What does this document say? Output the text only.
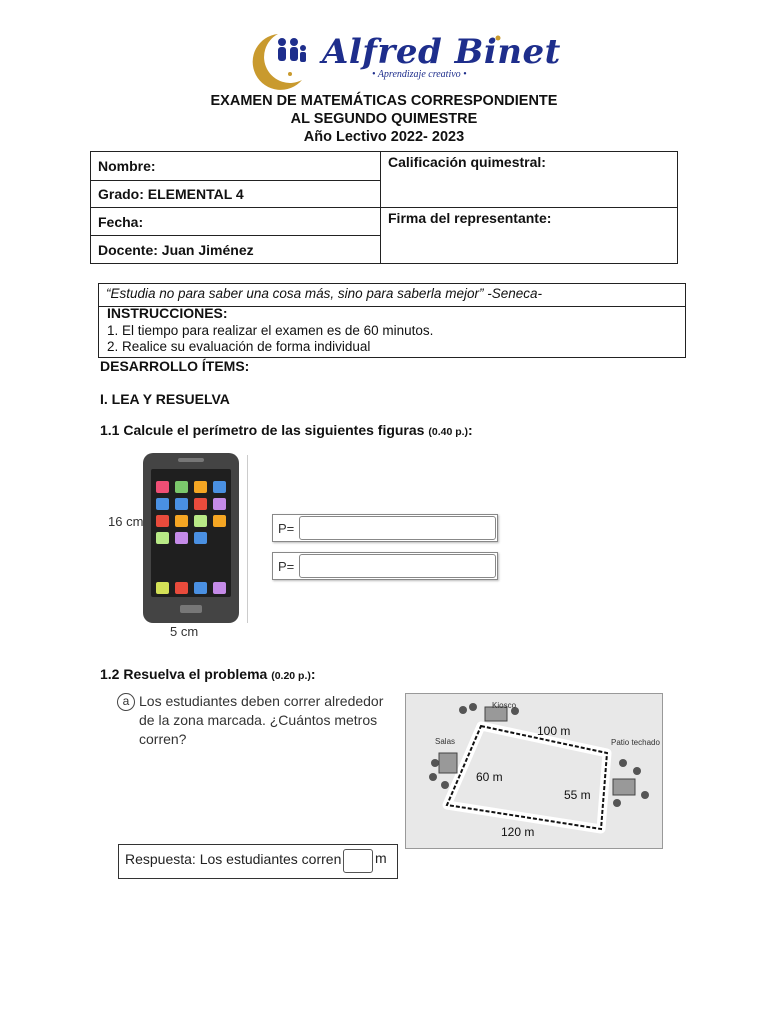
Alfred Binet
• Aprendizaje creativo •
EXAMEN DE MATEMÁTICAS CORRESPONDIENTE
AL SEGUNDO QUIMESTRE
Año Lectivo 2022- 2023
Nombre:	Calificación quimestral:
Grado: ELEMENTAL 4	
Fecha:	Firma del representante:
Docente: Juan Jiménez	
“Estudia no para saber una cosa más, sino para saberla mejor” -Seneca-
INSTRUCCIONES:
1. El tiempo para realizar el examen es de 60 minutos.
2. Realice su evaluación de forma individual
DESARROLLO ÍTEMS:
I. LEA Y RESUELVA
1.1 Calcule el perímetro de las siguientes figuras (0.40 p.):
16 cm
5 cm
P=
P=
1.2 Resuelva el problema (0.20 p.):
a Los estudiantes deben correr alrededor
de la zona marcada. ¿Cuántos metros
corren?
Kiosco
Salas	Patio techado
100 m
60 m
55 m
120 m
Respuesta: Los estudiantes corren m
